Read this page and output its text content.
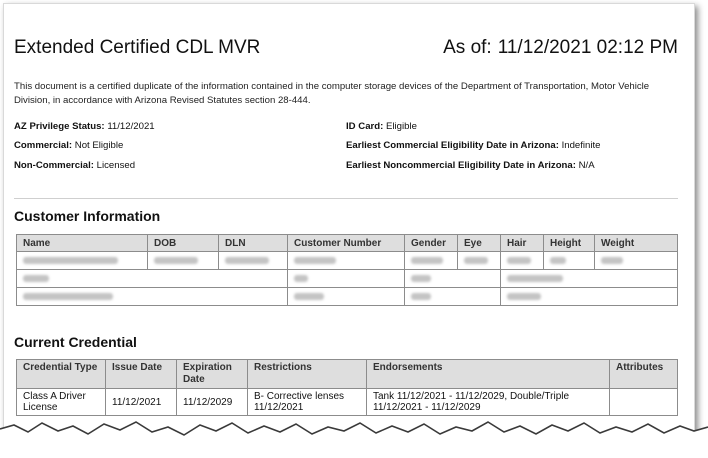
Extended Certified CDL MVR	As of: 11/12/2021 02:12 PM
This document is a certified duplicate of the information contained in the computer storage devices of the Department of Transportation, Motor Vehicle Division, in accordance with Arizona Revised Statutes section 28-444.
AZ Privilege Status: 11/12/2021	ID Card: Eligible
Commercial: Not Eligible	Earliest Commercial Eligibility Date in Arizona: Indefinite
Non-Commercial: Licensed	Earliest Noncommercial Eligibility Date in Arizona: N/A
Customer Information
Name	DOB	DLN	Customer Number	Gender	Eye	Hair	Height	Weight

Current Credential
Credential Type	Issue Date	Expiration Date	Restrictions	Endorsements	Attributes
Class A Driver License	11/12/2021	11/12/2029	B- Corrective lenses 11/12/2021	Tank 11/12/2021 - 11/12/2029, Double/Triple 11/12/2021 - 11/12/2029	
